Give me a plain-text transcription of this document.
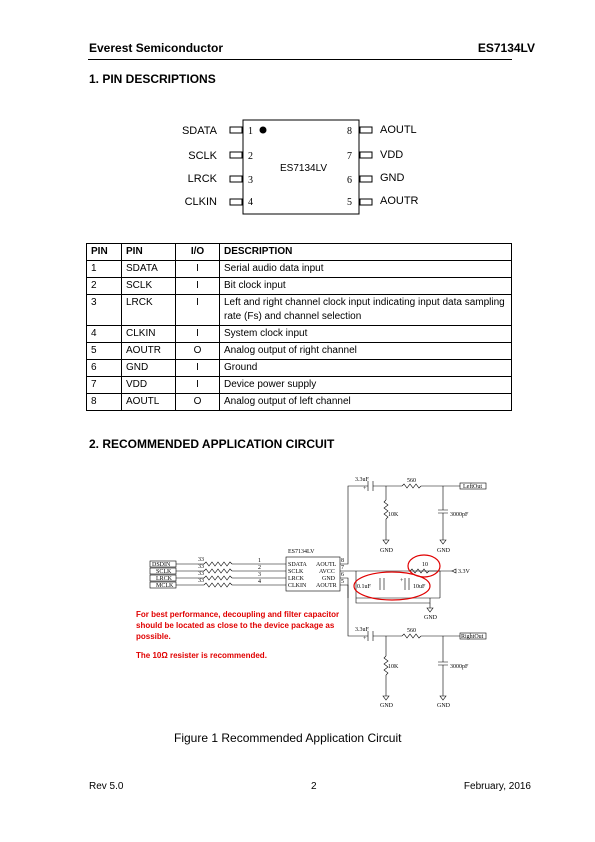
Everest Semiconductor	ES7134LV
1. PIN DESCRIPTIONS
SDATA
SCLK
LRCK
CLKIN
1
2
3
4
8
7
6
5
AOUTL
VDD
GND
AOUTR
ES7134LV
PIN	PIN	I/O	DESCRIPTION
1	SDATA	I	Serial audio data input
2	SCLK	I	Bit clock input
3	LRCK	I	Left and right channel clock input indicating input data sampling rate (Fs) and channel selection
4	CLKIN	I	System clock input
5	AOUTR	O	Analog output of right channel
6	GND	I	Ground
7	VDD	I	Device power supply
8	AOUTL	O	Analog output of left channel
2. RECOMMENDED APPLICATION CIRCUIT
DSDIN
SCLK
LRCK
MCLK
33
33
33
33
ES7134LV
1
2
3
4
SDATA
SCLK
LRCK
CLKIN
AOUTL
AVCC
GND
AOUTR
8
7
6
5
3.3uF
+
560
10K	3000pF
GND	GND
LeftOut
3.3uF
+
560
10K	3000pF
GND	GND
RightOut
10
3.3V
0.1uF	10uF
+
GND
For best performance, decoupling and filter capacitor
should be located as close to the device package as
possible.
The 10Ω resister is recommended.
Figure 1 Recommended Application Circuit
Rev 5.0	2	February, 2016
